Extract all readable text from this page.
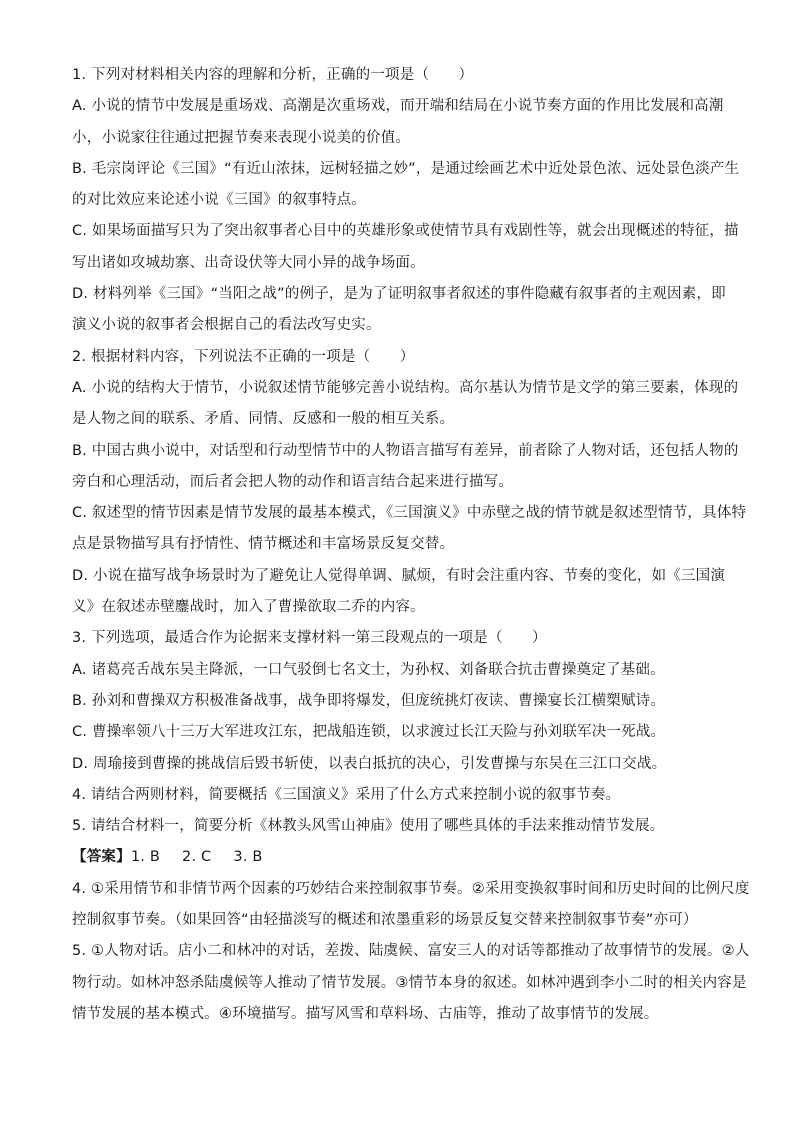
1. 下列对材料相关内容的理解和分析，正确的一项是（　　）
A. 小说的情节中发展是重场戏、高潮是次重场戏，而开端和结局在小说节奏方面的作用比发展和高潮
小，小说家往往通过把握节奏来表现小说美的价值。
B. 毛宗岗评论《三国》“有近山浓抹，远树轻描之妙”，是通过绘画艺术中近处景色浓、远处景色淡产生
的对比效应来论述小说《三国》的叙事特点。
C. 如果场面描写只为了突出叙事者心目中的英雄形象或使情节具有戏剧性等，就会出现概述的特征，描
写出诸如攻城劫寨、出奇设伏等大同小异的战争场面。
D. 材料列举《三国》“当阳之战”的例子，是为了证明叙事者叙述的事件隐藏有叙事者的主观因素，即
演义小说的叙事者会根据自己的看法改写史实。
2. 根据材料内容，下列说法不正确的一项是（　　）
A. 小说的结构大于情节，小说叙述情节能够完善小说结构。高尔基认为情节是文学的第三要素，体现的
是人物之间的联系、矛盾、同情、反感和一般的相互关系。
B. 中国古典小说中，对话型和行动型情节中的人物语言描写有差异，前者除了人物对话，还包括人物的
旁白和心理活动，而后者会把人物的动作和语言结合起来进行描写。
C. 叙述型的情节因素是情节发展的最基本模式，《三国演义》中赤壁之战的情节就是叙述型情节，具体特
点是景物描写具有抒情性、情节概述和丰富场景反复交替。
D. 小说在描写战争场景时为了避免让人觉得单调、腻烦，有时会注重内容、节奏的变化，如《三国演
义》在叙述赤壁鏖战时，加入了曹操欲取二乔的内容。
3. 下列选项，最适合作为论据来支撑材料一第三段观点的一项是（　　）
A. 诸葛亮舌战东吴主降派，一口气驳倒七名文士，为孙权、刘备联合抗击曹操奠定了基础。
B. 孙刘和曹操双方积极准备战事，战争即将爆发，但庞统挑灯夜读、曹操宴长江横槊赋诗。
C. 曹操率领八十三万大军进攻江东，把战船连锁，以求渡过长江天险与孙刘联军决一死战。
D. 周瑜接到曹操的挑战信后毁书斩使，以表白抵抗的决心，引发曹操与东吴在三江口交战。
4. 请结合两则材料，简要概括《三国演义》采用了什么方式来控制小说的叙事节奏。
5. 请结合材料一，简要分析《林教头风雪山神庙》使用了哪些具体的手法来推动情节发展。
【答案】1. B 2. C 3. B
4. ①采用情节和非情节两个因素的巧妙结合来控制叙事节奏。②采用变换叙事时间和历史时间的比例尺度
控制叙事节奏。（如果回答“由轻描淡写的概述和浓墨重彩的场景反复交替来控制叙事节奏”亦可）
5. ①人物对话。店小二和林冲的对话，差拨、陆虞候、富安三人的对话等都推动了故事情节的发展。②人
物行动。如林冲怒杀陆虞候等人推动了情节发展。③情节本身的叙述。如林冲遇到李小二时的相关内容是
情节发展的基本模式。④环境描写。描写风雪和草料场、古庙等，推动了故事情节的发展。
